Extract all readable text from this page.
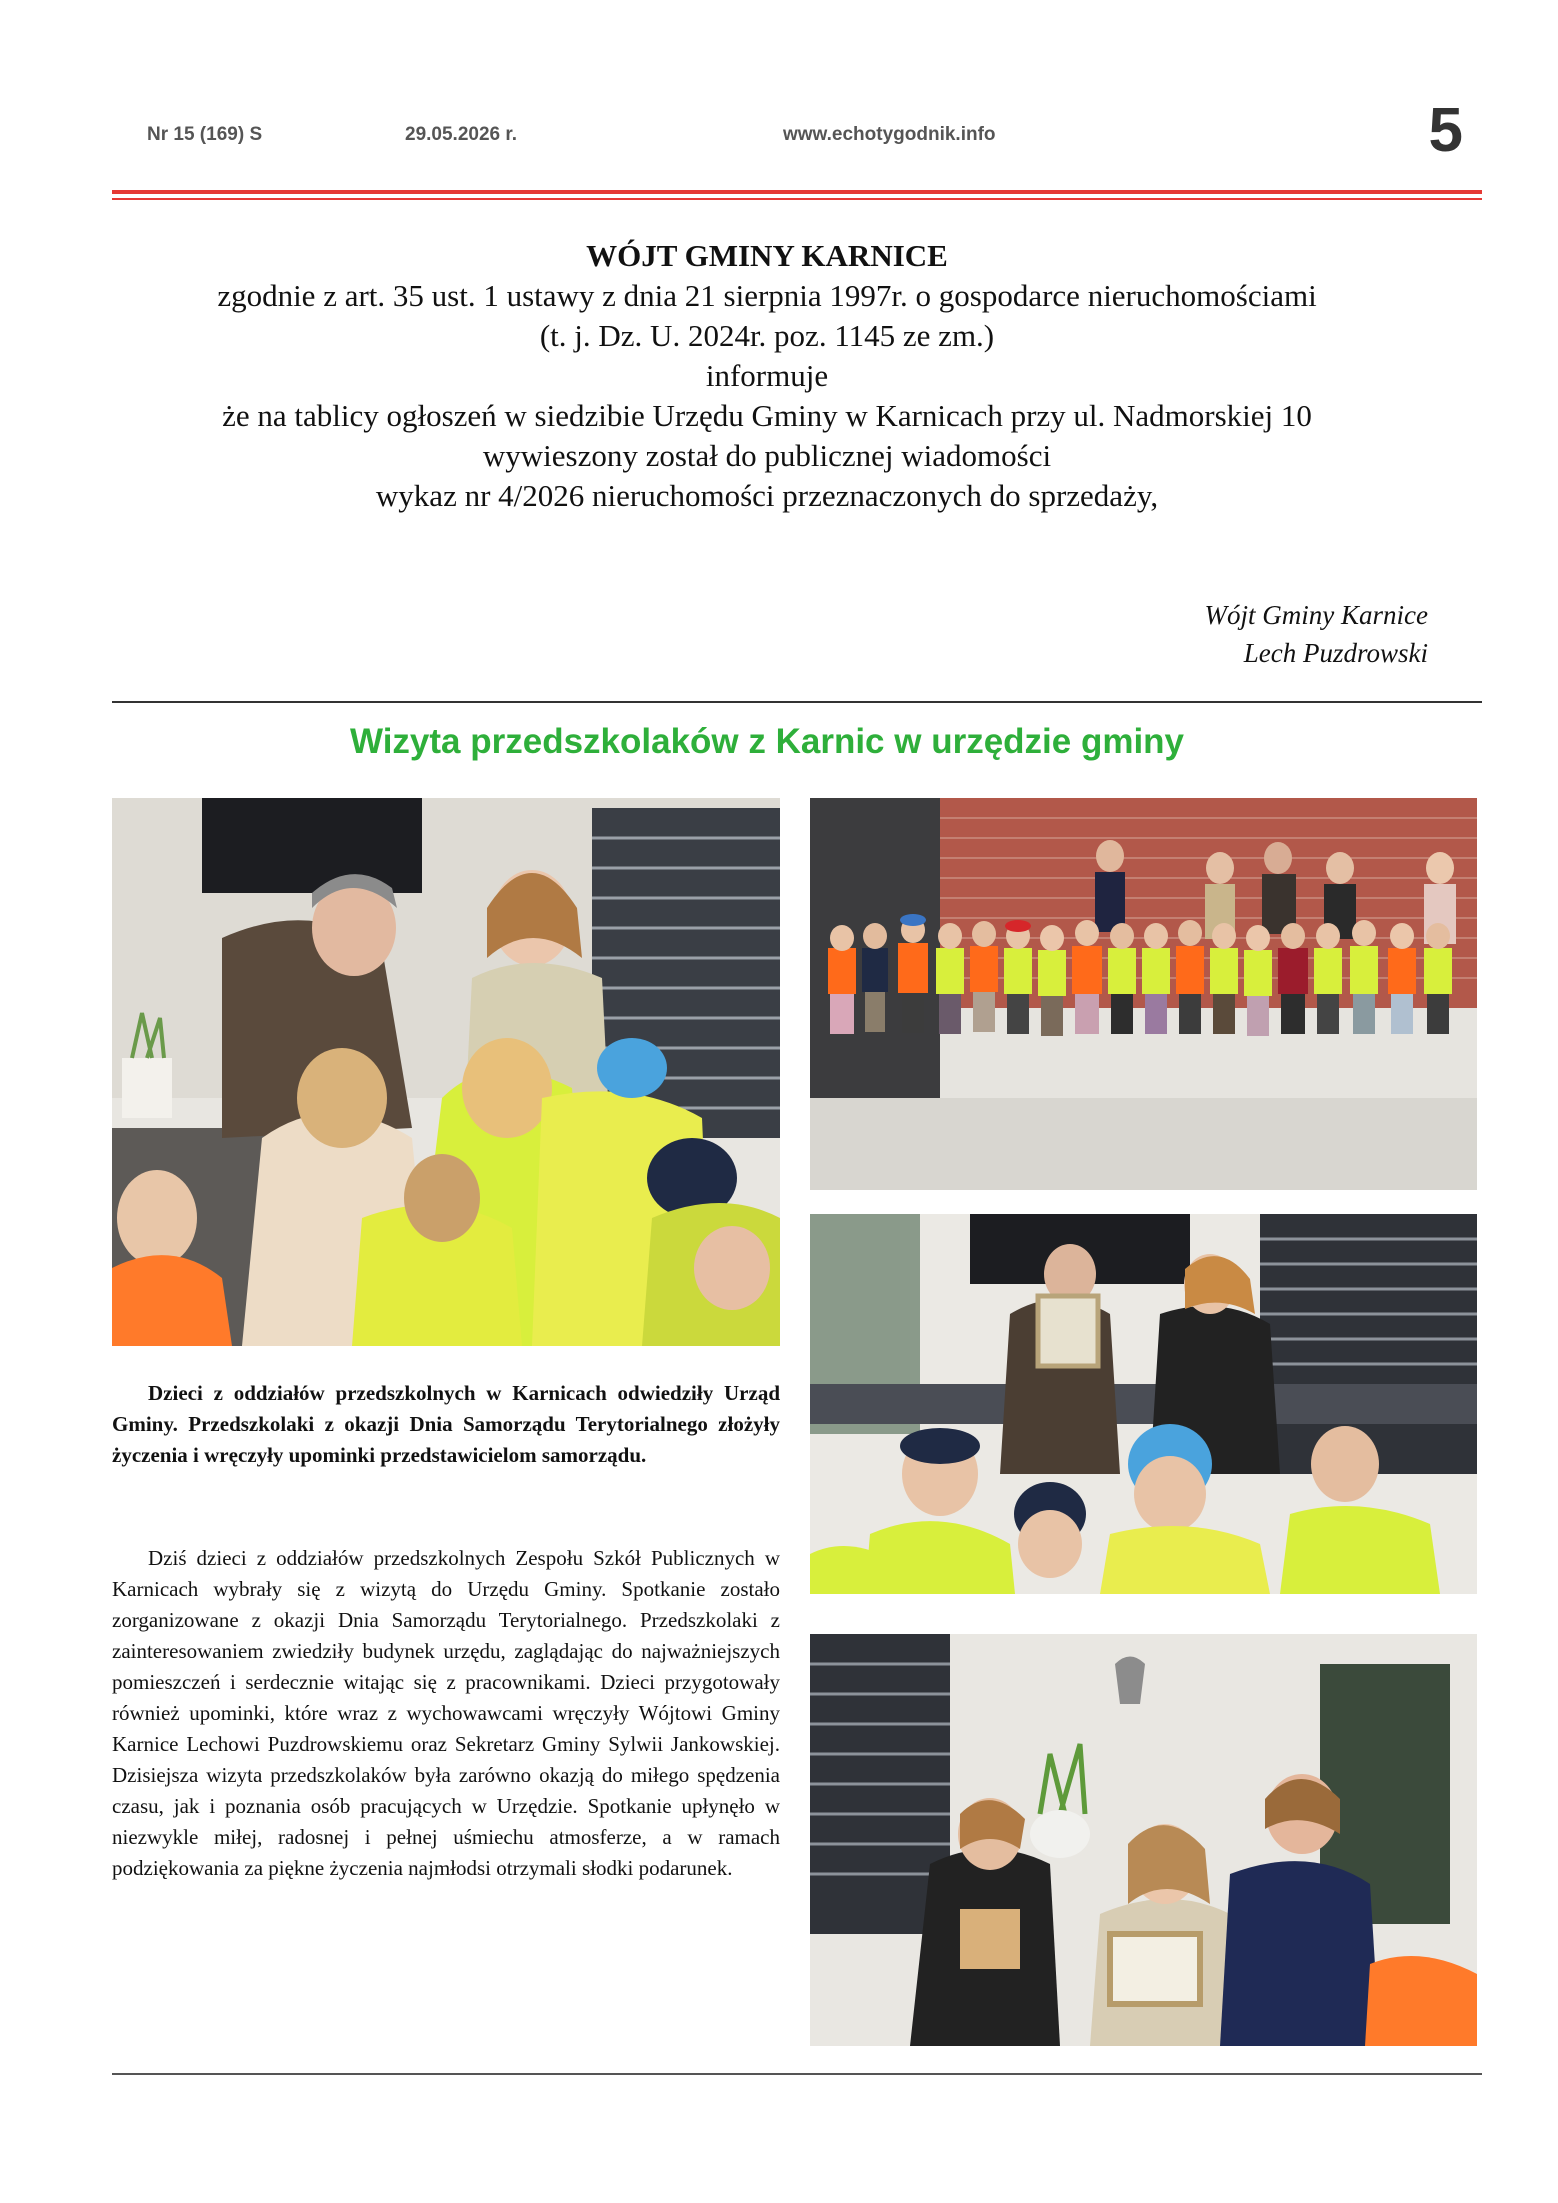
Nr 15 (169) S	29.05.2026 r.	www.echotygodnik.info	5

WÓJT GMINY KARNICE

zgodnie z art. 35 ust. 1 ustawy z dnia 21 sierpnia 1997r. o gospodarce nieruchomościami

(t. j. Dz. U. 2024r. poz. 1145 ze zm.)

informuje

że na tablicy ogłoszeń w siedzibie Urzędu Gminy w Karnicach przy ul. Nadmorskiej 10

wywieszony został do publicznej wiadomości

wykaz nr 4/2026 nieruchomości przeznaczonych do sprzedaży,

Wójt Gminy Karnice
Lech Puzdrowski
Wizyta przedszkolaków z Karnic w urzędzie gminy

Dzieci z oddziałów przedszkolnych w Karnicach odwiedziły Urząd Gminy. Przedszkolaki z okazji Dnia Samorządu Terytorialnego złożyły życzenia i wręczyły upominki przedstawicielom samorządu.

Dziś dzieci z oddziałów przedszkolnych Zespołu Szkół Publicznych w Karnicach wybrały się z wizytą do Urzędu Gminy. Spotkanie zostało zorganizowane z okazji Dnia Samorządu Terytorialnego. Przedszkolaki z zainteresowaniem zwiedziły budynek urzędu, zaglądając do najważniejszych pomieszczeń i serdecznie witając się z pracownikami. Dzieci przygotowały również upominki, które wraz z wychowawcami wręczyły Wójtowi Gminy Karnice Lechowi Puzdrowskiemu oraz Sekretarz Gminy Sylwii Jankowskiej. Dzisiejsza wizyta przedszkolaków była zarówno okazją do miłego spędzenia czasu, jak i poznania osób pracujących w Urzędzie. Spotkanie upłynęło w niezwykle miłej, radosnej i pełnej uśmiechu atmosferze, a w ramach podziękowania za piękne życzenia najmłodsi otrzymali słodki podarunek.
